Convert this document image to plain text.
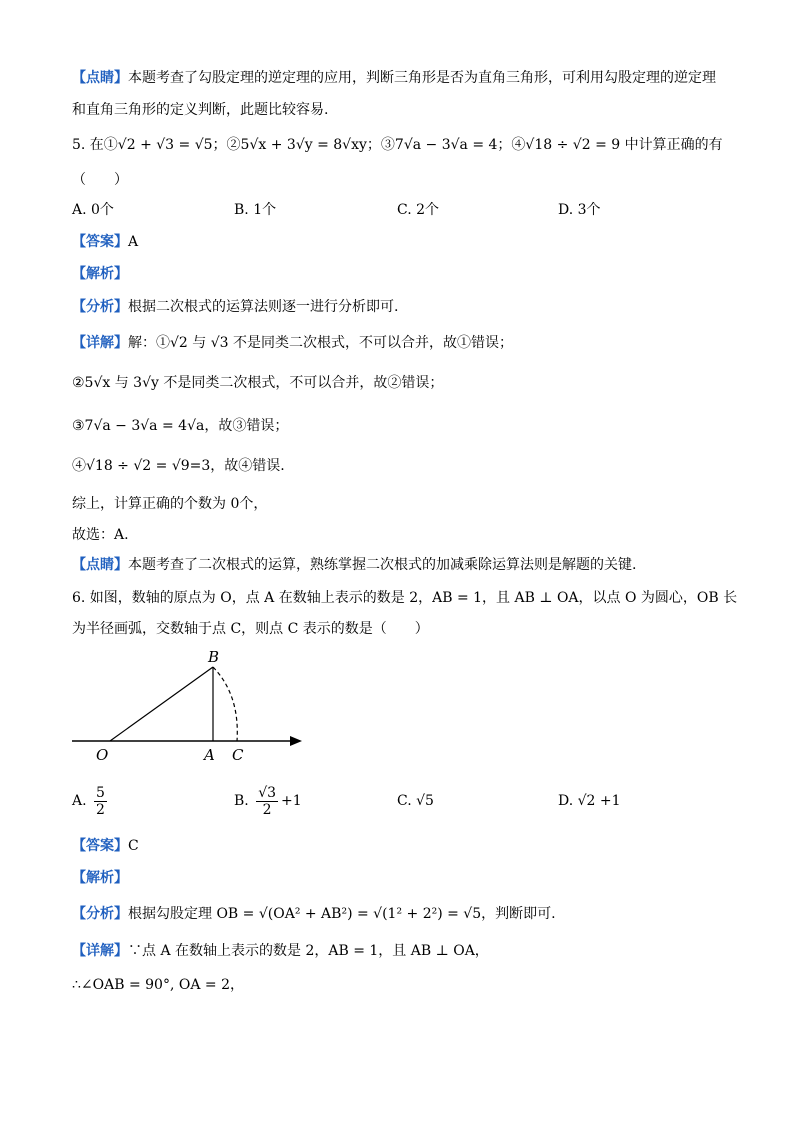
【点睛】本题考查了勾股定理的逆定理的应用，判断三角形是否为直角三角形，可利用勾股定理的逆定理
和直角三角形的定义判断，此题比较容易.
5. 在①√2 + √3 = √5；②5√x + 3√y = 8√xy；③7√a − 3√a = 4；④√18 ÷ √2 = 9 中计算正确的有
（　　）
A. 0个	B. 1个	C. 2个	D. 3个
【答案】A
【解析】
【分析】根据二次根式的运算法则逐一进行分析即可.
【详解】解：①√2 与 √3 不是同类二次根式，不可以合并，故①错误；
②5√x 与 3√y 不是同类二次根式，不可以合并，故②错误；
③7√a − 3√a = 4√a，故③错误；
④√18 ÷ √2 = √9=3，故④错误.
综上，计算正确的个数为 0个，
故选：A.
【点睛】本题考查了二次根式的运算，熟练掌握二次根式的加减乘除运算法则是解题的关键.
6. 如图，数轴的原点为 O，点 A 在数轴上表示的数是 2，AB = 1，且 AB ⊥ OA，以点 O 为圆心，OB 长
为半径画弧，交数轴于点 C，则点 C 表示的数是（　　）
B
O	A C
A. $\frac{5}{2}$	B. $\frac{√3}{2} +1$	C. √5	D. √2 +1
【答案】C
【解析】
【分析】根据勾股定理 OB = √(OA² + AB²) = √(1² + 2²) = √5，判断即可.
【详解】∵点 A 在数轴上表示的数是 2，AB = 1，且 AB ⊥ OA，
∴∠OAB = 90°, OA = 2，
